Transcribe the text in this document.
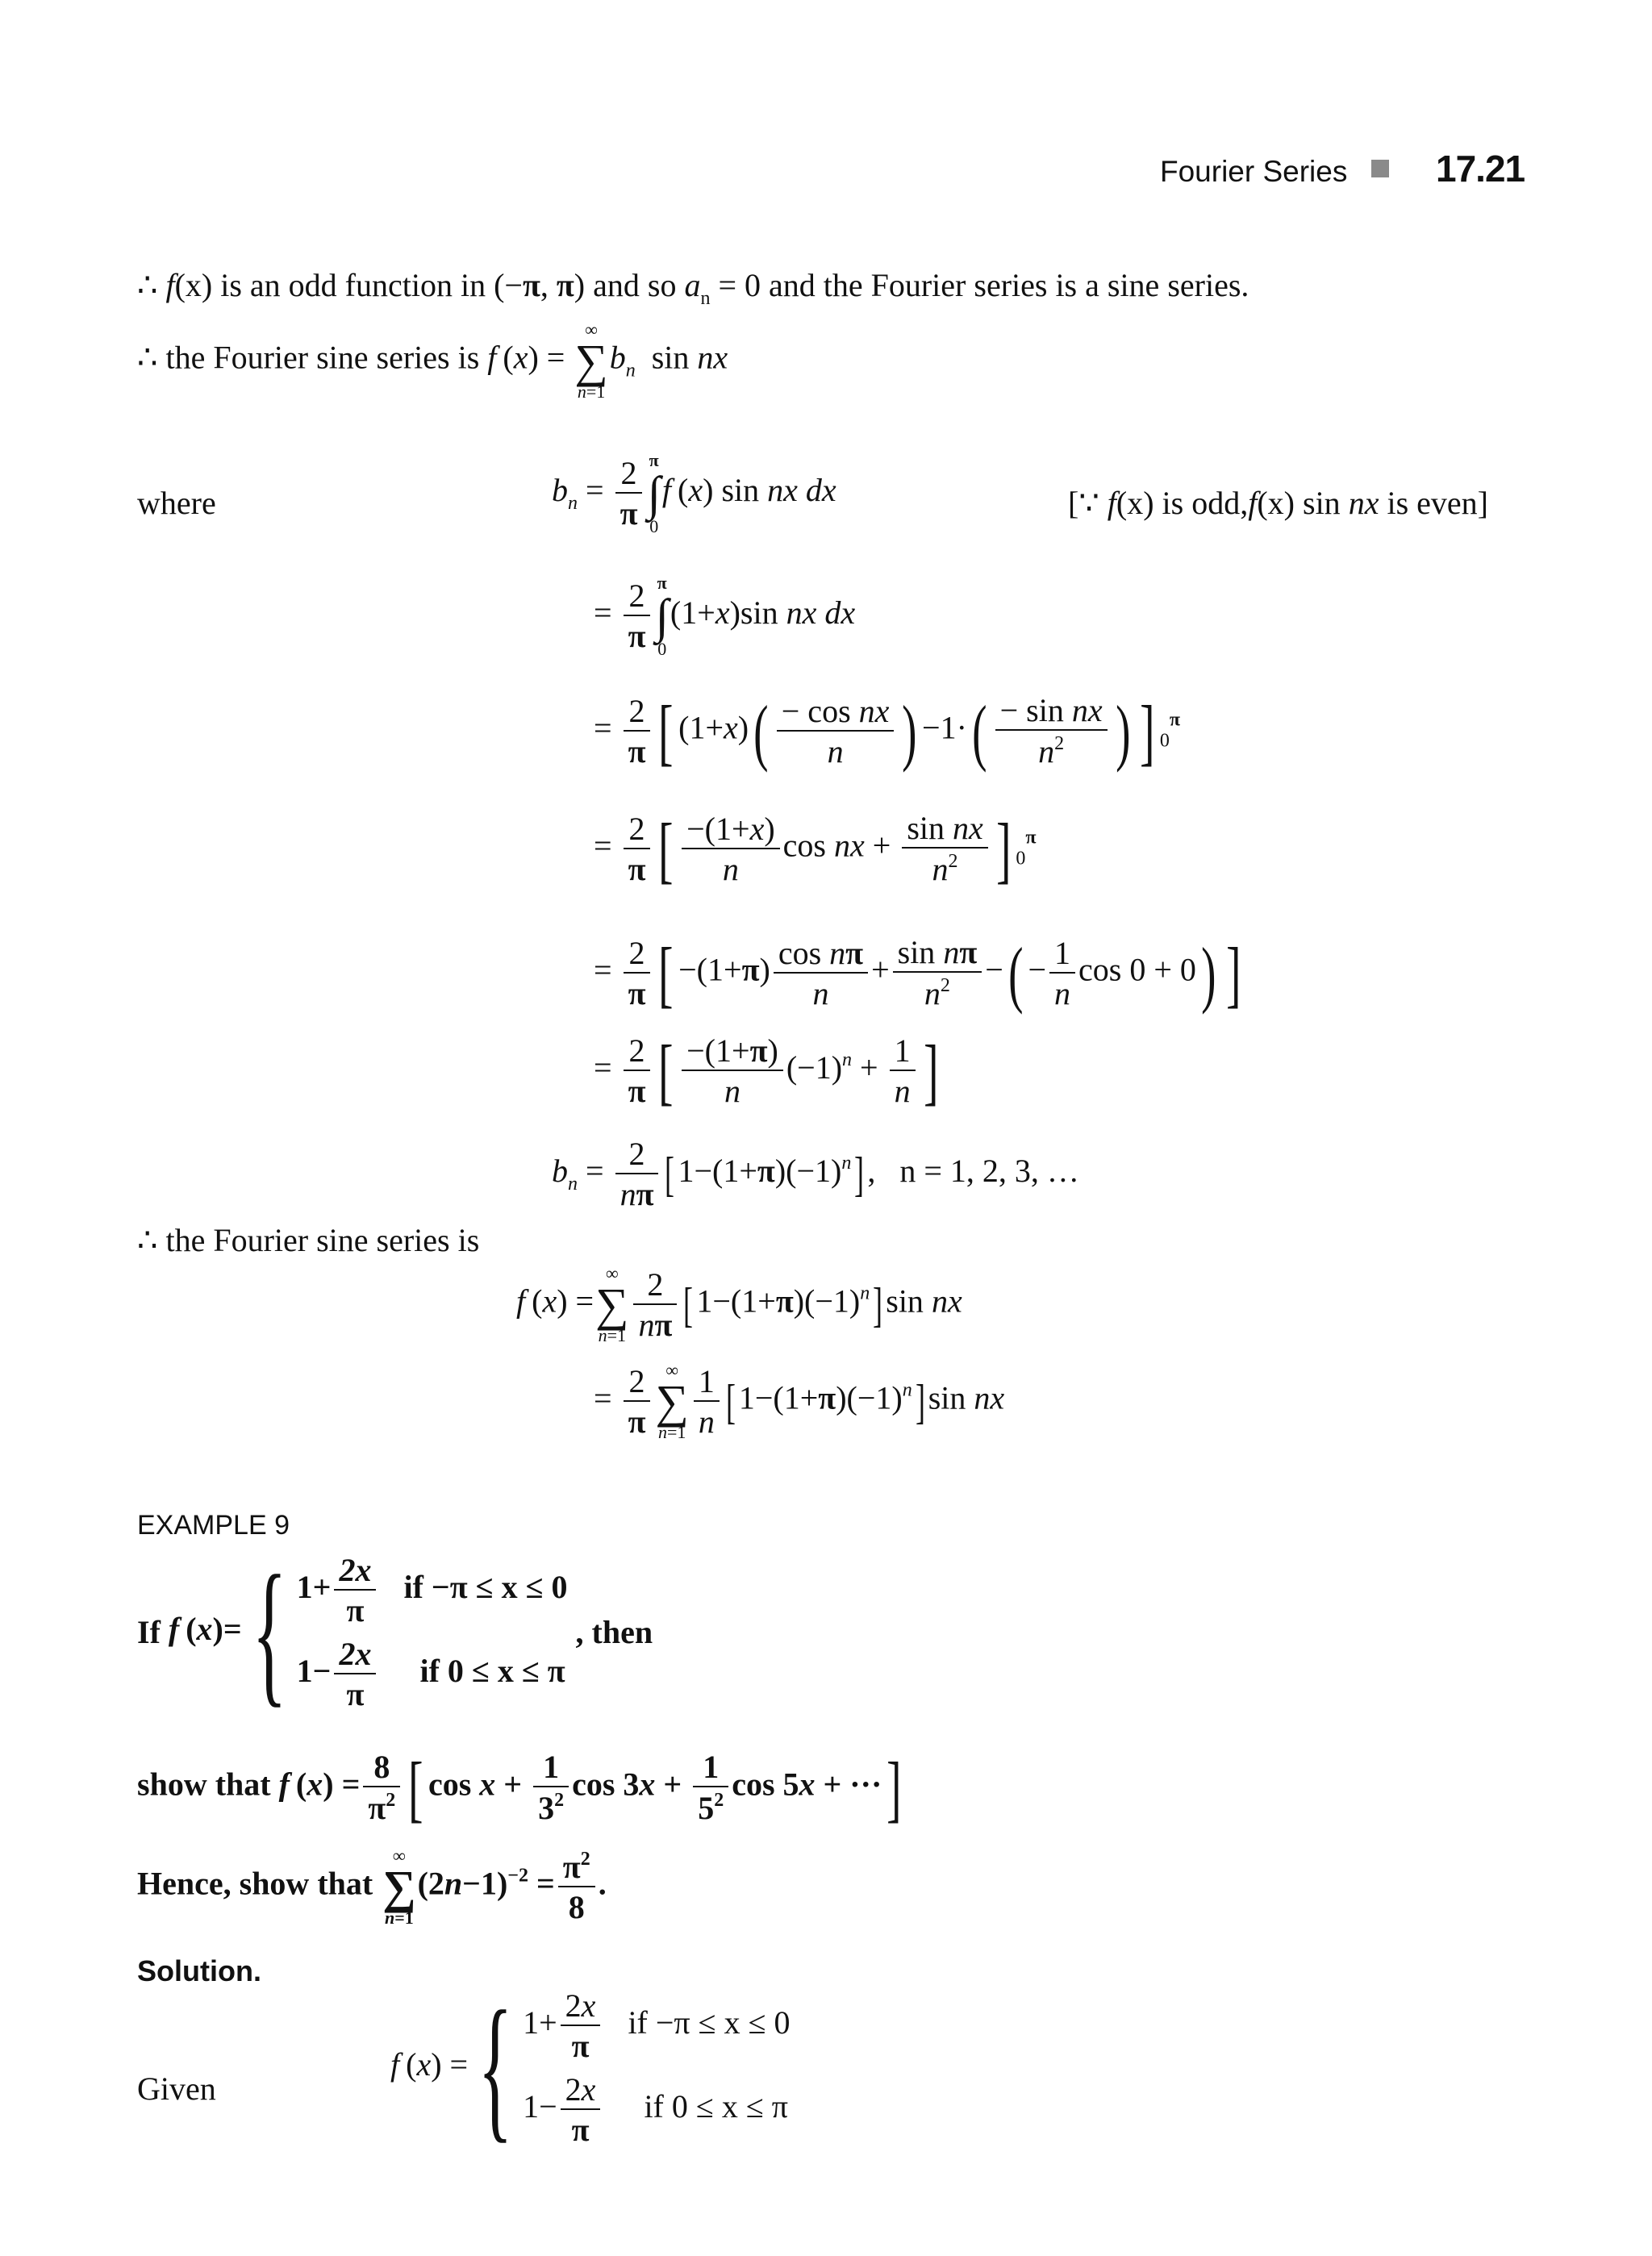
Fourier Series 17.21
∴ f(x) is an odd function in (−π, π) and so $a_n = 0$ and the Fourier series is a sine series.
∴ the Fourier sine series is f (x) =
∞
∑
n=1
$b_n$  sin nx
where	$b_n = \frac{2}{\pi}$ π
∫
0
f (x) sin nx dx	[∵ f(x) is odd,f(x) sin nx is even]
= $\frac{2}{\pi}$ π
∫
0
(1+x)sin nx dx
= $\frac{2}{\pi}$ [ $(1+x)( \frac{\text{− cos nx}}{n}$ ) $-1\cdot( \frac{\text{− sin nx}}{n^2}$ ) ] $_0^\pi$
= $\frac{2}{\pi}$ [ $\frac{-(1+x)}{n}$ cos nx + $\frac{\text{sin nx}}{n^2}$ ] $_0^\pi$
= $\frac{2}{\pi}$ [ $-(1+\pi) \frac{\text{cos nπ}}{n} + \frac{\text{sin nπ}}{n^2}$ −( − $\frac{1}{n}$ cos 0 + 0) ]
= $\frac{2}{\pi}$ [ $\frac{-(1+\pi)}{n} (-1)^n + \frac{1}{n}$ ]
$b_n = \frac{2}{n\pi} [1-(1+\pi)(-1)^n]$,   n = 1, 2, 3, …
∴ the Fourier sine series is
f (x) =
∞
∑
$n=1 \frac{2}{n\pi} [1-(1+\pi)(-1)^n]\sin$ nx
= $\frac{2}{\pi}$ ∞
∑
$n=1 \frac{1}{n} [1-(1+\pi)(-1)^n]\sin$ nx
EXAMPLE 9
If f (x)={ $1+ \frac{2x}{\pi}$ if −π ≤ x ≤ 0
$1- \frac{2x}{\pi}$ if 0 ≤ x ≤ π
, then
show that f $(x) = \frac{8}{\pi^2}$ [ $\cos x + \frac{1}{3^2}$ $\cos 3x + \frac{1}{5^2}$ cos 5x + ···]
Hence, show that
∞
∑
n=1
$(2n-1)^{-2} = \frac{\pi^2}{8}$ .
Solution.
Given
f (x) ={ $1+ \frac{2x}{\pi}$ if −π ≤ x ≤ 0
$1- \frac{2x}{\pi}$ if 0 ≤ x ≤ π
